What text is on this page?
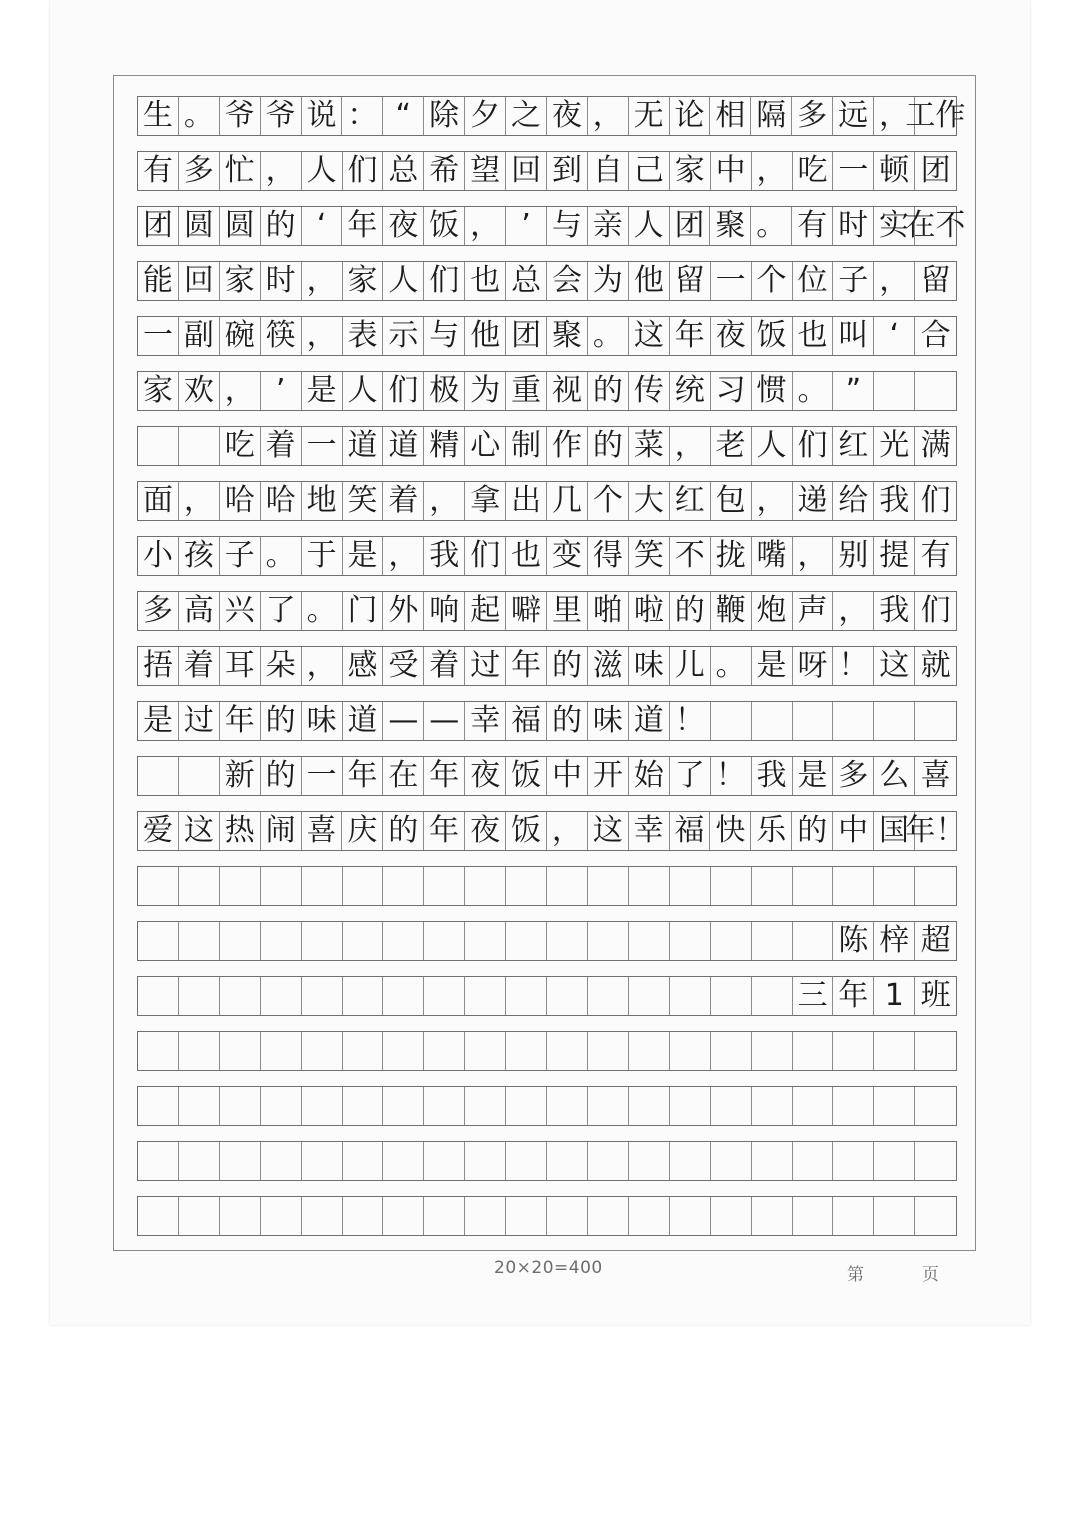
生 。 爷 爷 说 ： “ 除 夕 之 夜 ， 无 论 相 隔 多 远 ，
工作
有 多 忙 ， 人 们 总 希 望 回 到 自 己 家 中 ， 吃 一 顿 团
团 圆 圆 的 ‘ 年 夜 饭 ， ’ 与 亲 人 团 聚 。 有 时 实
在不
能 回 家 时 ， 家 人 们 也 总 会 为 他 留 一 个 位 子 ， 留
一 副 碗 筷 ， 表 示 与 他 团 聚 。 这 年 夜 饭 也 叫 ‘ 合
家 欢 ， ’ 是 人 们 极 为 重 视 的 传 统 习 惯 。 ”
吃 着 一 道 道 精 心 制 作 的 菜 ， 老 人 们 红 光 满
面 ， 哈 哈 地 笑 着 ， 拿 出 几 个 大 红 包 ， 递 给 我 们
小 孩 子 。 于 是 ， 我 们 也 变 得 笑 不 拢 嘴 ， 别 提 有
多 高 兴 了 。 门 外 响 起 噼 里 啪 啦 的 鞭 炮 声 ， 我 们
捂 着 耳 朵 ， 感 受 着 过 年 的 滋 味 儿 。 是 呀 ！ 这 就
是 过 年 的 味 道 — — 幸 福 的 味 道 ！
新 的 一 年 在 年 夜 饭 中 开 始 了 ！ 我 是 多 么 喜
爱 这 热 闹 喜 庆 的 年 夜 饭 ， 这 幸 福 快 乐 的 中 国
年！
陈 梓 超
三 年 1 班
20×20=400	第	页
